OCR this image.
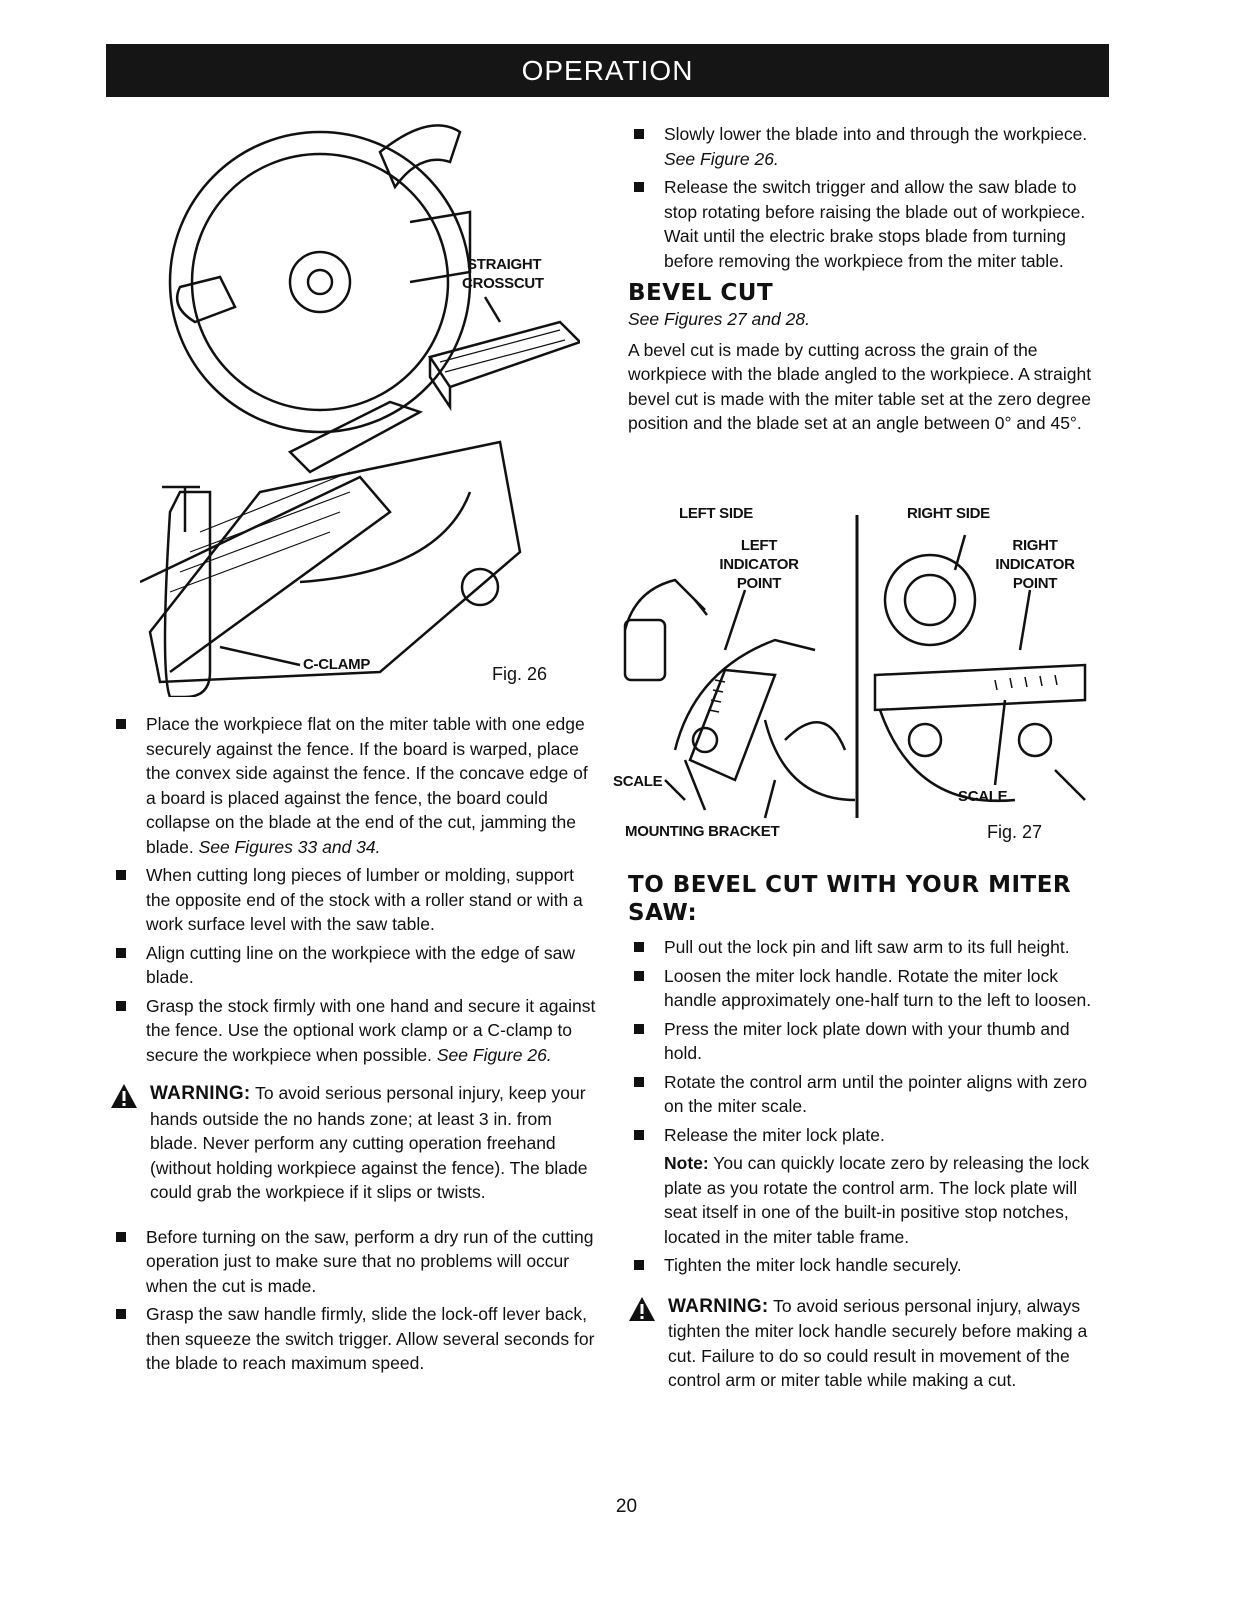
OPERATION
STRAIGHT
CROSSCUT
C-CLAMP	Fig. 26
Place the workpiece flat on the miter table with one edge securely against the fence. If the board is warped, place the convex side against the fence. If the concave edge of a board is placed against the fence, the board could collapse on the blade at the end of the cut, jamming the blade. See Figures 33 and 34.
When cutting long pieces of lumber or molding, support the opposite end of the stock with a roller stand or with a work surface level with the saw table.
Align cutting line on the workpiece with the edge of saw blade.
Grasp the stock firmly with one hand and secure it against the fence. Use the optional work clamp or a C-clamp to secure the workpiece when possible. See Figure 26.
WARNING: To avoid serious personal injury, keep your hands outside the no hands zone; at least 3 in. from blade. Never perform any cutting operation freehand (without holding workpiece against the fence). The blade could grab the workpiece if it slips or twists.
Before turning on the saw, perform a dry run of the cutting operation just to make sure that no problems will occur when the cut is made.
Grasp the saw handle firmly, slide the lock-off lever back, then squeeze the switch trigger. Allow several seconds for the blade to reach maximum speed.
Slowly lower the blade into and through the workpiece. See Figure 26.
Release the switch trigger and allow the saw blade to stop rotating before raising the blade out of workpiece. Wait until the electric brake stops blade from turning before removing the workpiece from the miter table.
BEVEL CUT
See Figures 27 and 28.
A bevel cut is made by cutting across the grain of the workpiece with the blade angled to the workpiece. A straight bevel cut is made with the miter table set at the zero degree position and the blade set at an angle between 0° and 45°.
LEFT SIDE	RIGHT SIDE
LEFT
INDICATOR
POINT
RIGHT
INDICATOR
POINT
SCALE
SCALE
MOUNTING BRACKET	Fig. 27
TO BEVEL CUT WITH YOUR MITER
SAW:
Pull out the lock pin and lift saw arm to its full height.
Loosen the miter lock handle. Rotate the miter lock handle approximately one-half turn to the left to loosen.
Press the miter lock plate down with your thumb and hold.
Rotate the control arm until the pointer aligns with zero on the miter scale.
Release the miter lock plate.
Note: You can quickly locate zero by releasing the lock plate as you rotate the control arm. The lock plate will seat itself in one of the built-in positive stop notches, located in the miter table frame.
Tighten the miter lock handle securely.
WARNING: To avoid serious personal injury, always tighten the miter lock handle securely before making a cut. Failure to do so could result in movement of the control arm or miter table while making a cut.
20
